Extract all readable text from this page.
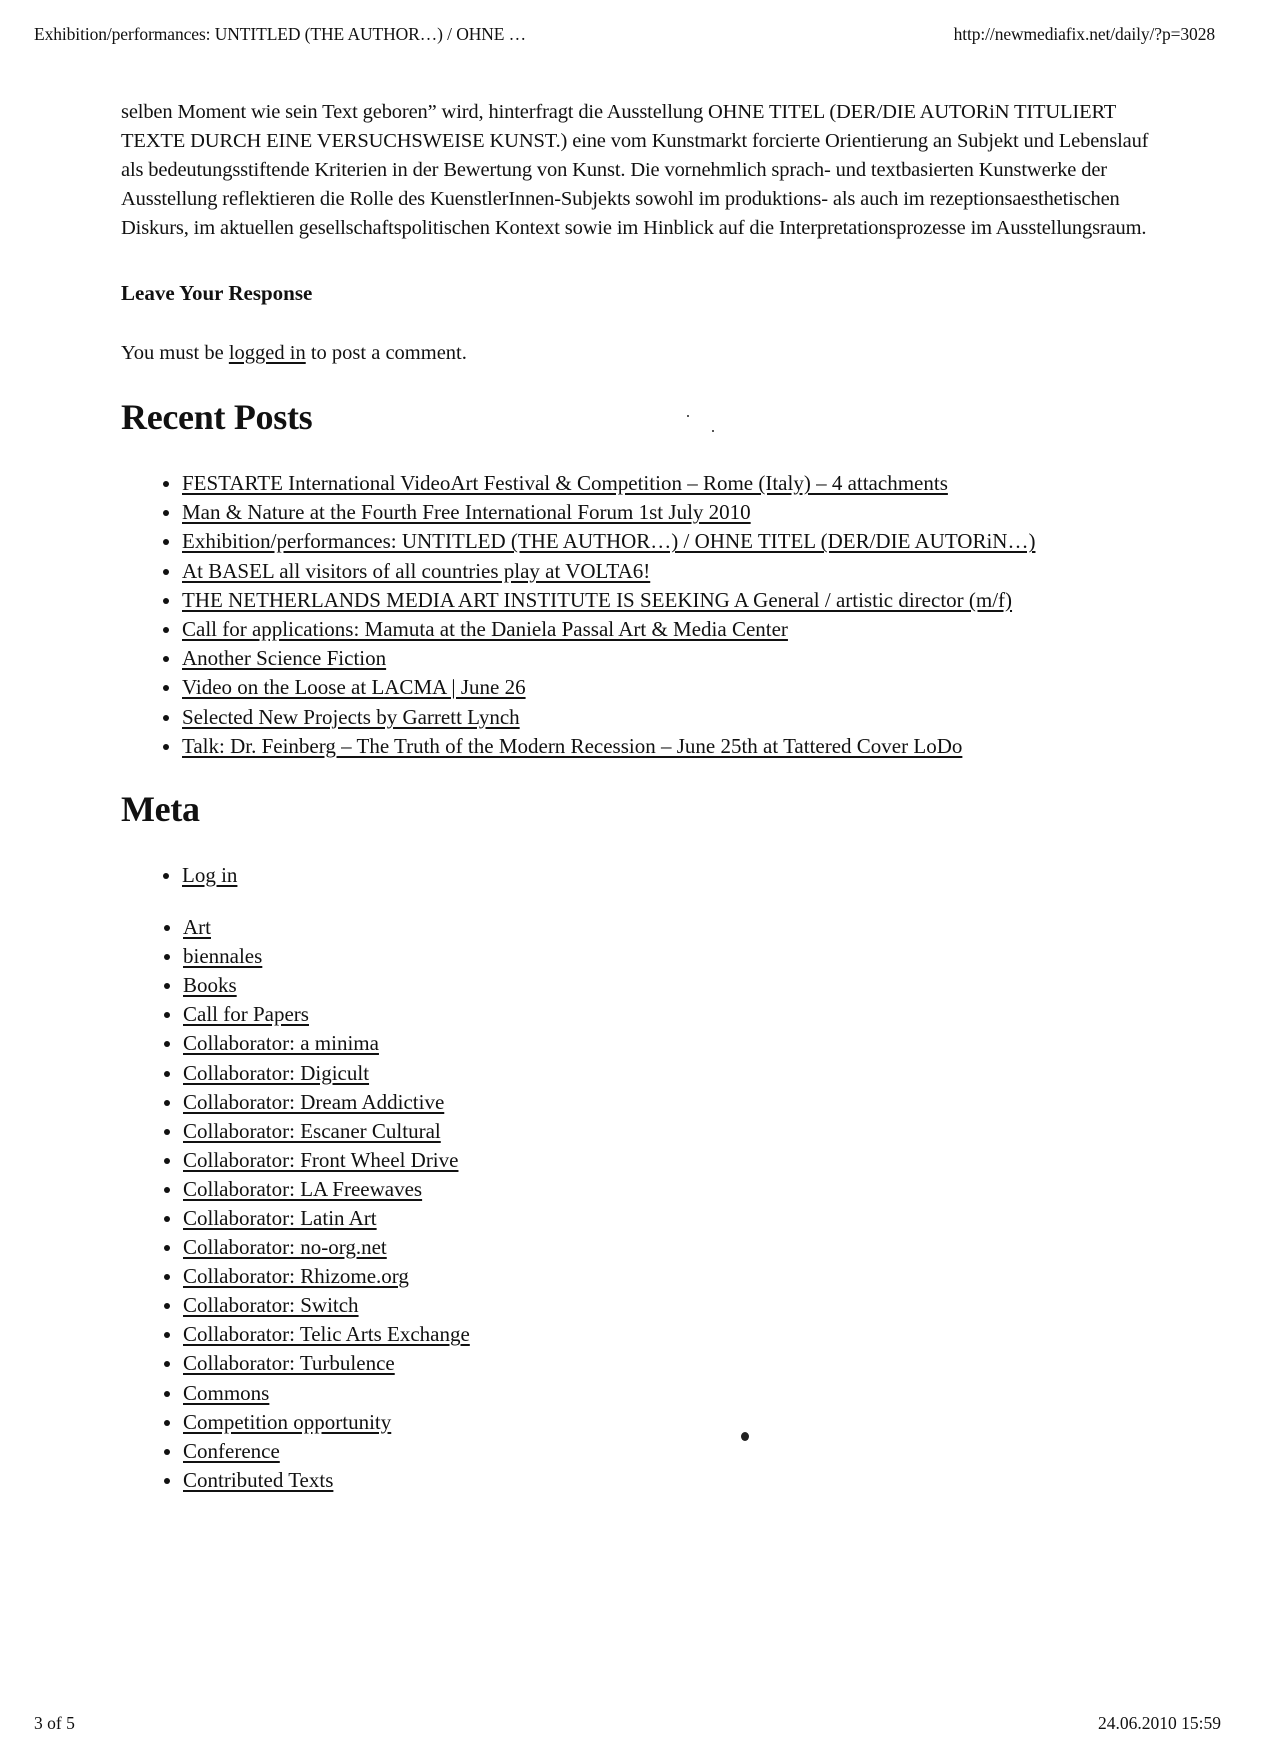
Exhibition/performances: UNTITLED (THE AUTHOR…) / OHNE …	http://newmediafix.net/daily/?p=3028

selben Moment wie sein Text geboren” wird, hinterfragt die Ausstellung OHNE TITEL (DER/DIE AUTORiN TITULIERT TEXTE DURCH EINE VERSUCHSWEISE KUNST.) eine vom Kunstmarkt forcierte Orientierung an Subjekt und Lebenslauf als bedeutungsstiftende Kriterien in der Bewertung von Kunst. Die vornehmlich sprach- und textbasierten Kunstwerke der Ausstellung reflektieren die Rolle des KuenstlerInnen-Subjekts sowohl im produktions- als auch im rezeptionsaesthetischen Diskurs, im aktuellen gesellschaftspolitischen Kontext sowie im Hinblick auf die Interpretationsprozesse im Ausstellungsraum.

Leave Your Response

You must be logged in to post a comment.

Recent Posts
• FESTARTE International VideoArt Festival & Competition – Rome (Italy) – 4 attachments
• Man & Nature at the Fourth Free International Forum 1st July 2010
• Exhibition/performances: UNTITLED (THE AUTHOR…) / OHNE TITEL (DER/DIE AUTORiN…)
• At BASEL all visitors of all countries play at VOLTA6!
• THE NETHERLANDS MEDIA ART INSTITUTE IS SEEKING A General / artistic director (m/f)
• Call for applications: Mamuta at the Daniela Passal Art & Media Center
• Another Science Fiction
• Video on the Loose at LACMA | June 26
• Selected New Projects by Garrett Lynch
• Talk: Dr. Feinberg – The Truth of the Modern Recession – June 25th at Tattered Cover LoDo
Meta
• Log in
• Art
• biennales
• Books
• Call for Papers
• Collaborator: a minima
• Collaborator: Digicult
• Collaborator: Dream Addictive
• Collaborator: Escaner Cultural
• Collaborator: Front Wheel Drive
• Collaborator: LA Freewaves
• Collaborator: Latin Art
• Collaborator: no-org.net
• Collaborator: Rhizome.org
• Collaborator: Switch
• Collaborator: Telic Arts Exchange
• Collaborator: Turbulence
• Commons
• Competition opportunity
• Conference
• Contributed Texts
3 of 5	24.06.2010 15:59
